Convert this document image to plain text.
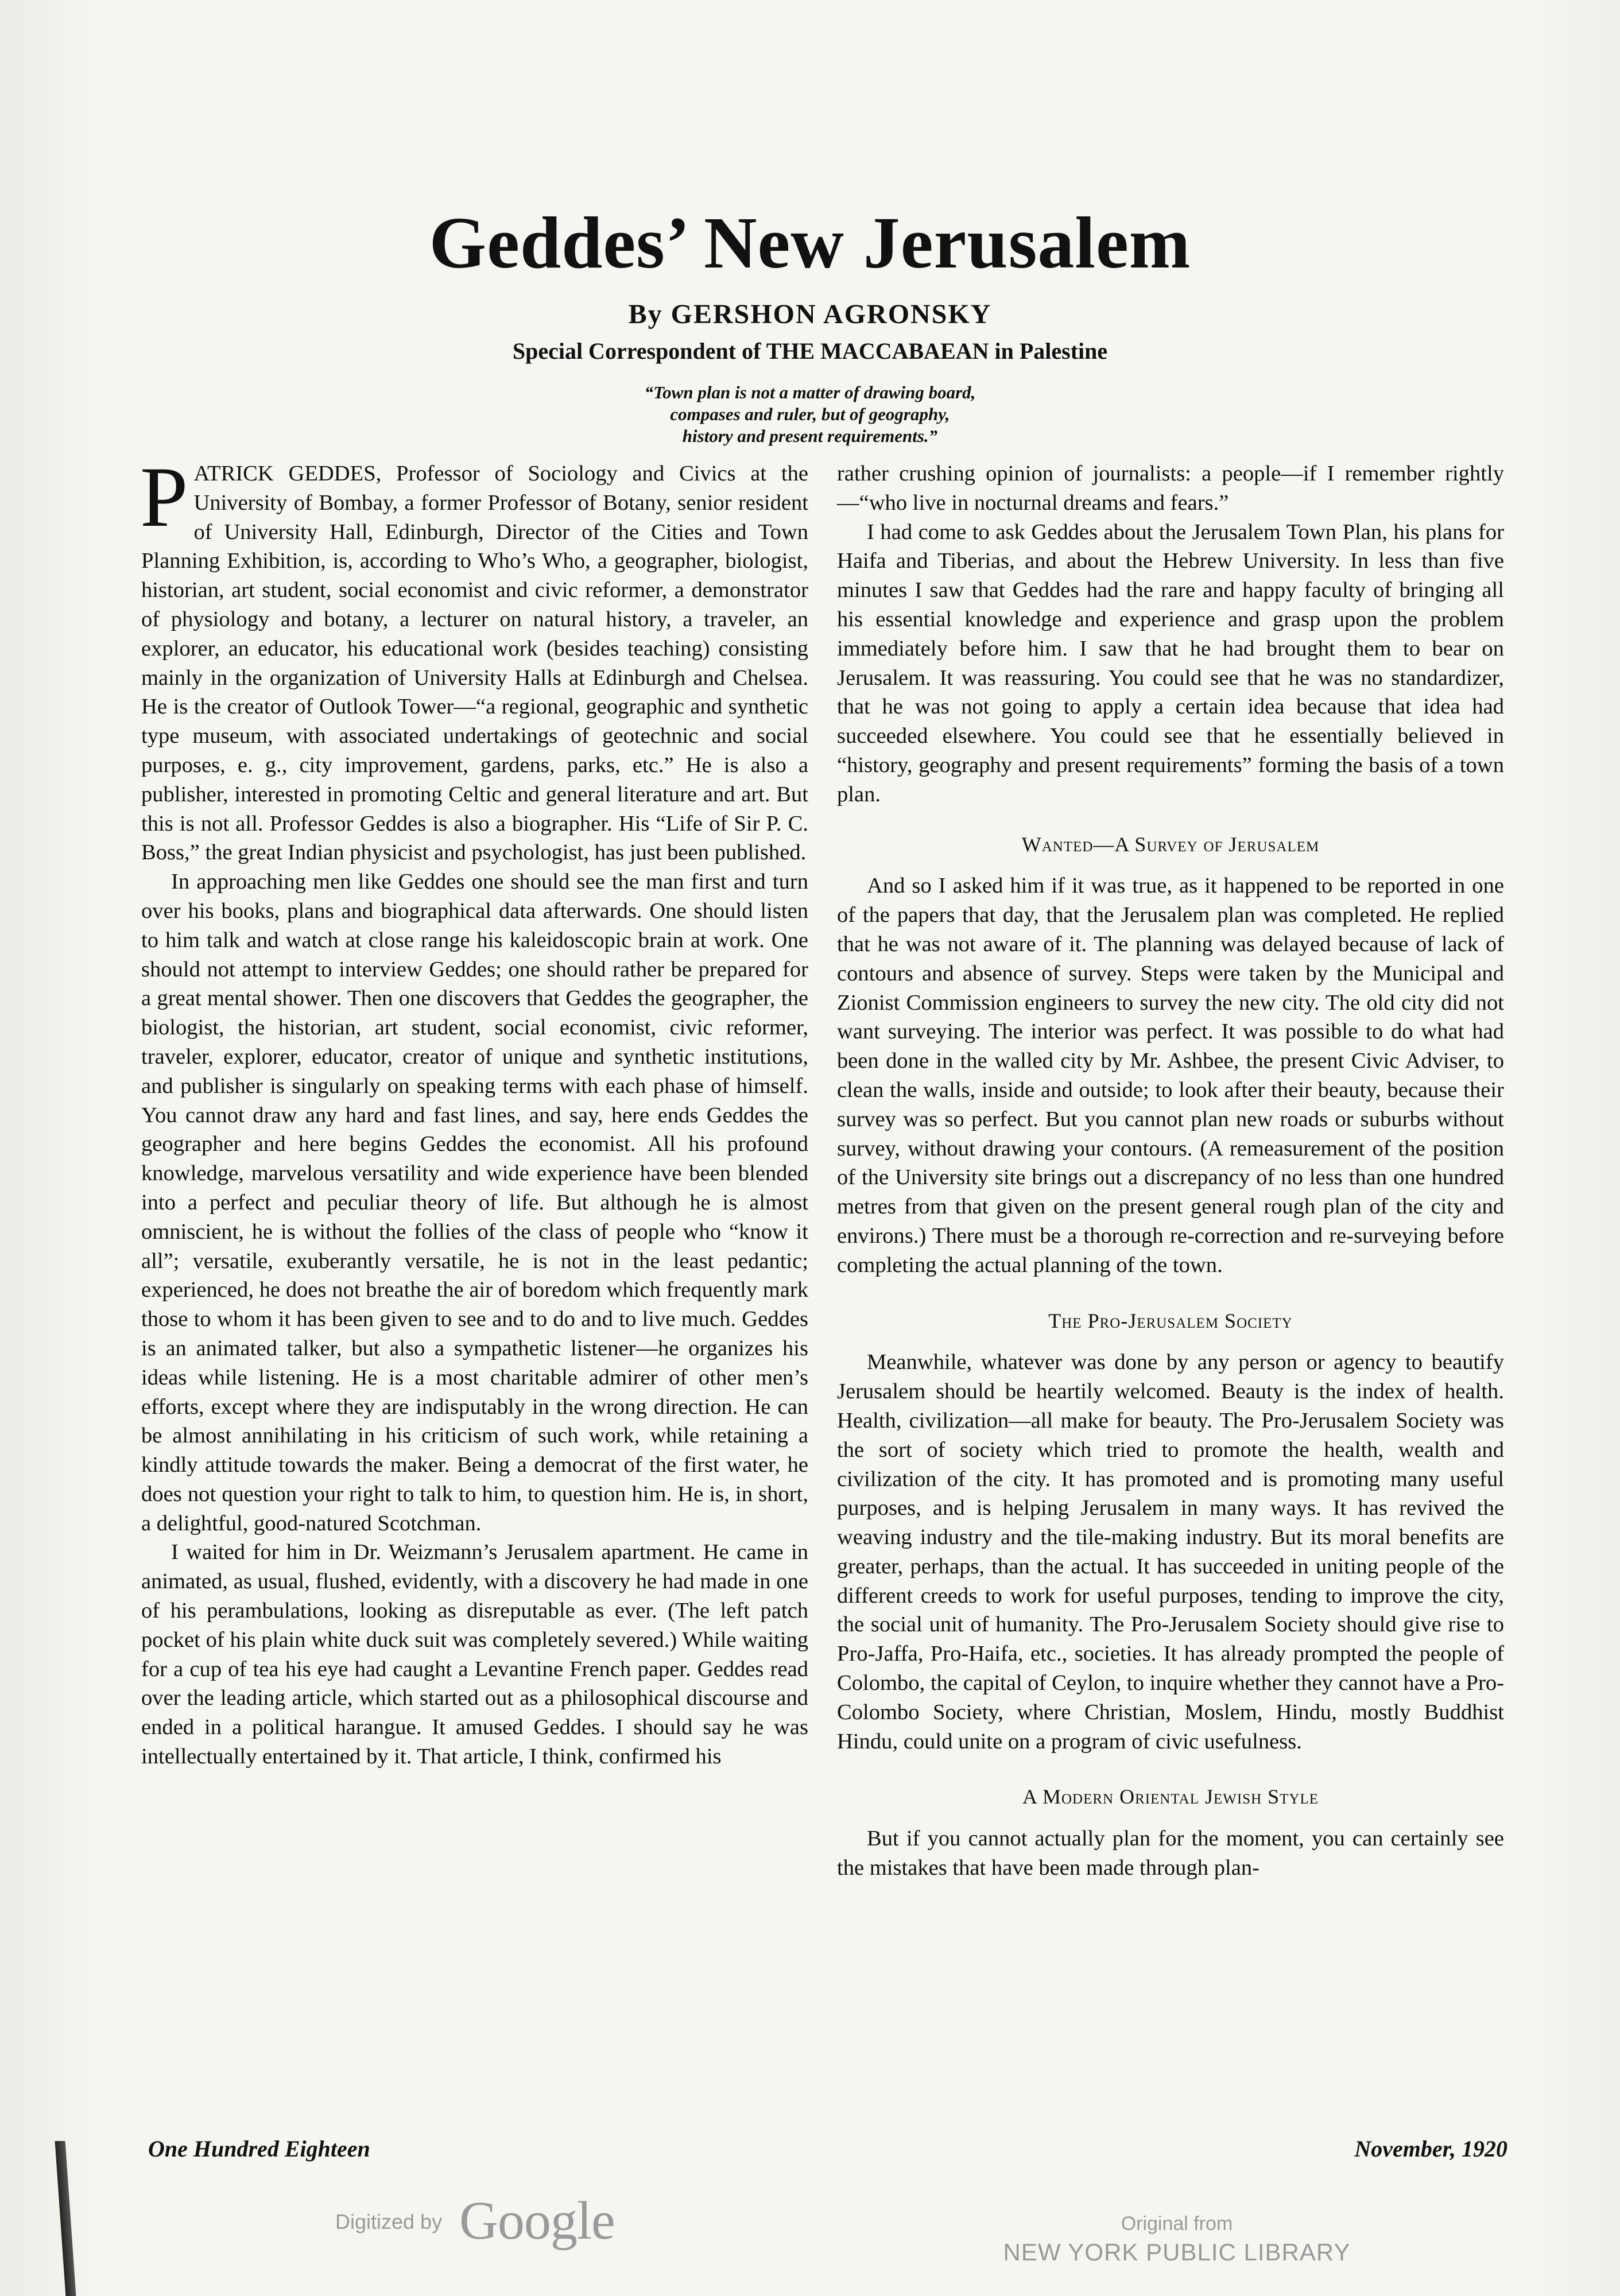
Geddes’ New Jerusalem
By GERSHON AGRONSKY
Special Correspondent of THE MACCABAEAN in Palestine
“Town plan is not a matter of drawing board,
compases and ruler, but of geography,
history and present requirements.”

PATRICK GEDDES, Professor of Sociology and Civics at the University of Bombay, a former Professor of Botany, senior resident of University Hall, Edinburgh, Director of the Cities and Town Planning Exhibition, is, according to Who’s Who, a geographer, biologist, historian, art student, social economist and civic reformer, a demonstrator of physiology and botany, a lecturer on natural history, a traveler, an explorer, an educator, his educational work (besides teaching) consisting mainly in the organization of University Halls at Edinburgh and Chelsea. He is the creator of Outlook Tower—“a regional, geographic and synthetic type museum, with associated undertakings of geotechnic and social purposes, e. g., city improvement, gardens, parks, etc.” He is also a publisher, interested in promoting Celtic and general literature and art. But this is not all. Professor Geddes is also a biographer. His “Life of Sir P. C. Boss,” the great Indian physicist and psychologist, has just been published.

In approaching men like Geddes one should see the man first and turn over his books, plans and biographical data afterwards. One should listen to him talk and watch at close range his kaleidoscopic brain at work. One should not attempt to interview Geddes; one should rather be prepared for a great mental shower. Then one discovers that Geddes the geographer, the biologist, the historian, art student, social economist, civic reformer, traveler, explorer, educator, creator of unique and synthetic institutions, and publisher is singularly on speaking terms with each phase of himself. You cannot draw any hard and fast lines, and say, here ends Geddes the geographer and here begins Geddes the economist. All his profound knowledge, marvelous versatility and wide experience have been blended into a perfect and peculiar theory of life. But although he is almost omniscient, he is without the follies of the class of people who “know it all”; versatile, exuberantly versatile, he is not in the least pedantic; experienced, he does not breathe the air of boredom which frequently mark those to whom it has been given to see and to do and to live much. Geddes is an animated talker, but also a sympathetic listener—he organizes his ideas while listening. He is a most charitable admirer of other men’s efforts, except where they are indisputably in the wrong direction. He can be almost annihilating in his criticism of such work, while retaining a kindly attitude towards the maker. Being a democrat of the first water, he does not question your right to talk to him, to question him. He is, in short, a delightful, good-natured Scotchman.

I waited for him in Dr. Weizmann’s Jerusalem apartment. He came in animated, as usual, flushed, evidently, with a discovery he had made in one of his perambulations, looking as disreputable as ever. (The left patch pocket of his plain white duck suit was completely severed.) While waiting for a cup of tea his eye had caught a Levantine French paper. Geddes read over the leading article, which started out as a philosophical discourse and ended in a political harangue. It amused Geddes. I should say he was intellectually entertained by it. That article, I think, confirmed his

rather crushing opinion of journalists: a people—if I remember rightly—“who live in nocturnal dreams and fears.”

I had come to ask Geddes about the Jerusalem Town Plan, his plans for Haifa and Tiberias, and about the Hebrew University. In less than five minutes I saw that Geddes had the rare and happy faculty of bringing all his essential knowledge and experience and grasp upon the problem immediately before him. I saw that he had brought them to bear on Jerusalem. It was reassuring. You could see that he was no standardizer, that he was not going to apply a certain idea because that idea had succeeded elsewhere. You could see that he essentially believed in “history, geography and present requirements” forming the basis of a town plan.

Wanted—A Survey of Jerusalem

And so I asked him if it was true, as it happened to be reported in one of the papers that day, that the Jerusalem plan was completed. He replied that he was not aware of it. The planning was delayed because of lack of contours and absence of survey. Steps were taken by the Municipal and Zionist Commission engineers to survey the new city. The old city did not want surveying. The interior was perfect. It was possible to do what had been done in the walled city by Mr. Ashbee, the present Civic Adviser, to clean the walls, inside and outside; to look after their beauty, because their survey was so perfect. But you cannot plan new roads or suburbs without survey, without drawing your contours. (A remeasurement of the position of the University site brings out a discrepancy of no less than one hundred metres from that given on the present general rough plan of the city and environs.) There must be a thorough re-correction and re-surveying before completing the actual planning of the town.

The Pro-Jerusalem Society

Meanwhile, whatever was done by any person or agency to beautify Jerusalem should be heartily welcomed. Beauty is the index of health. Health, civilization—all make for beauty. The Pro-Jerusalem Society was the sort of society which tried to promote the health, wealth and civilization of the city. It has promoted and is promoting many useful purposes, and is helping Jerusalem in many ways. It has revived the weaving industry and the tile-making industry. But its moral benefits are greater, perhaps, than the actual. It has succeeded in uniting people of the different creeds to work for useful purposes, tending to improve the city, the social unit of humanity. The Pro-Jerusalem Society should give rise to Pro-Jaffa, Pro-Haifa, etc., societies. It has already prompted the people of Colombo, the capital of Ceylon, to inquire whether they cannot have a Pro-Colombo Society, where Christian, Moslem, Hindu, mostly Buddhist Hindu, could unite on a program of civic usefulness.

A Modern Oriental Jewish Style

But if you cannot actually plan for the moment, you can certainly see the mistakes that have been made through plan-

One Hundred Eighteen	November, 1920
Digitized by Google	Original from
NEW YORK PUBLIC LIBRARY
